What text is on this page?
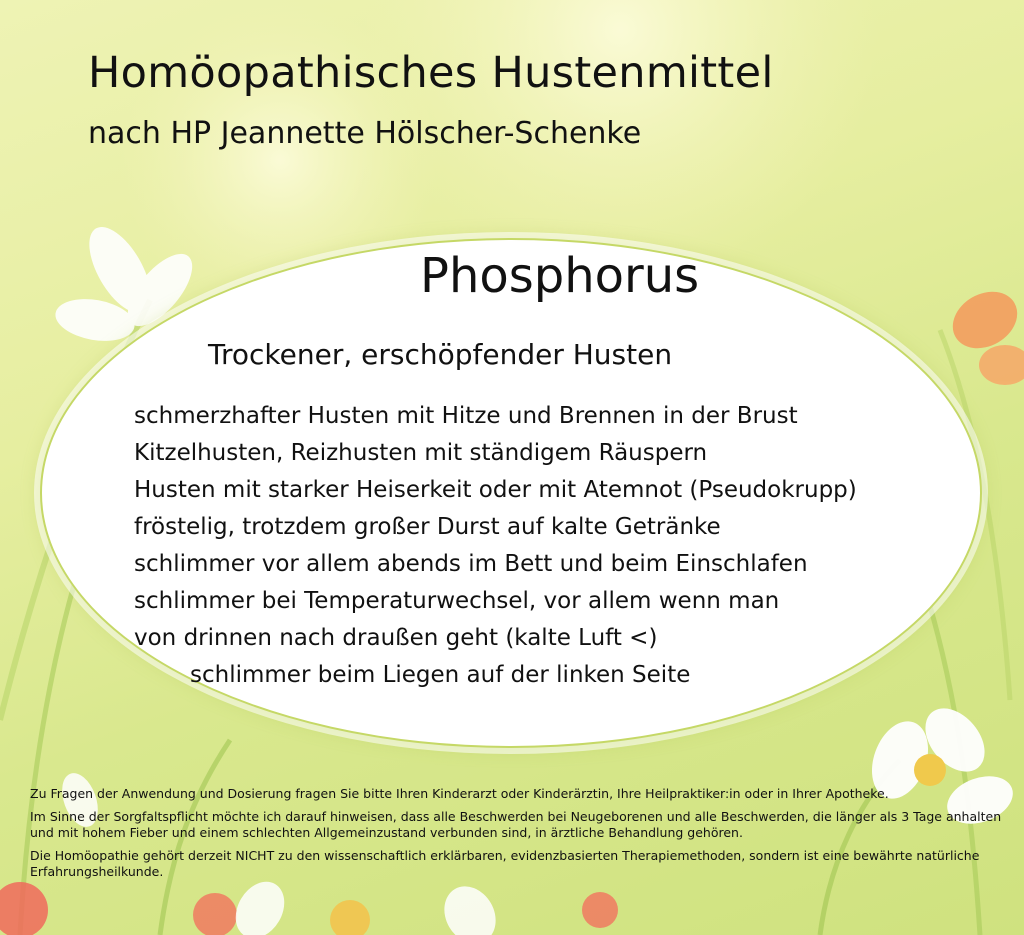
Homöopathisches Hustenmittel
nach HP Jeannette Hölscher-Schenke
Phosphorus
Trockener, erschöpfender Husten
schmerzhafter Husten mit Hitze und Brennen in der Brust
Kitzelhusten, Reizhusten mit ständigem Räuspern
Husten mit starker Heiserkeit oder mit Atemnot (Pseudokrupp)
fröstelig, trotzdem großer Durst auf kalte Getränke
schlimmer vor allem abends im Bett und beim Einschlafen
schlimmer bei Temperaturwechsel, vor allem wenn man
von drinnen nach draußen geht (kalte Luft <)
schlimmer beim Liegen auf der linken Seite

Zu Fragen der Anwendung und Dosierung fragen Sie bitte Ihren Kinderarzt oder Kinderärztin, Ihre Heilpraktiker:in oder in Ihrer Apotheke.

Im Sinne der Sorgfaltspflicht möchte ich darauf hinweisen, dass alle Beschwerden bei Neugeborenen und alle Beschwerden, die länger als 3 Tage anhalten und mit hohem Fieber und einem schlechten Allgemeinzustand verbunden sind, in ärztliche Behandlung gehören.

Die Homöopathie gehört derzeit NICHT zu den wissenschaftlich erklärbaren, evidenzbasierten Therapiemethoden, sondern ist eine bewährte natürliche Erfahrungsheilkunde.
